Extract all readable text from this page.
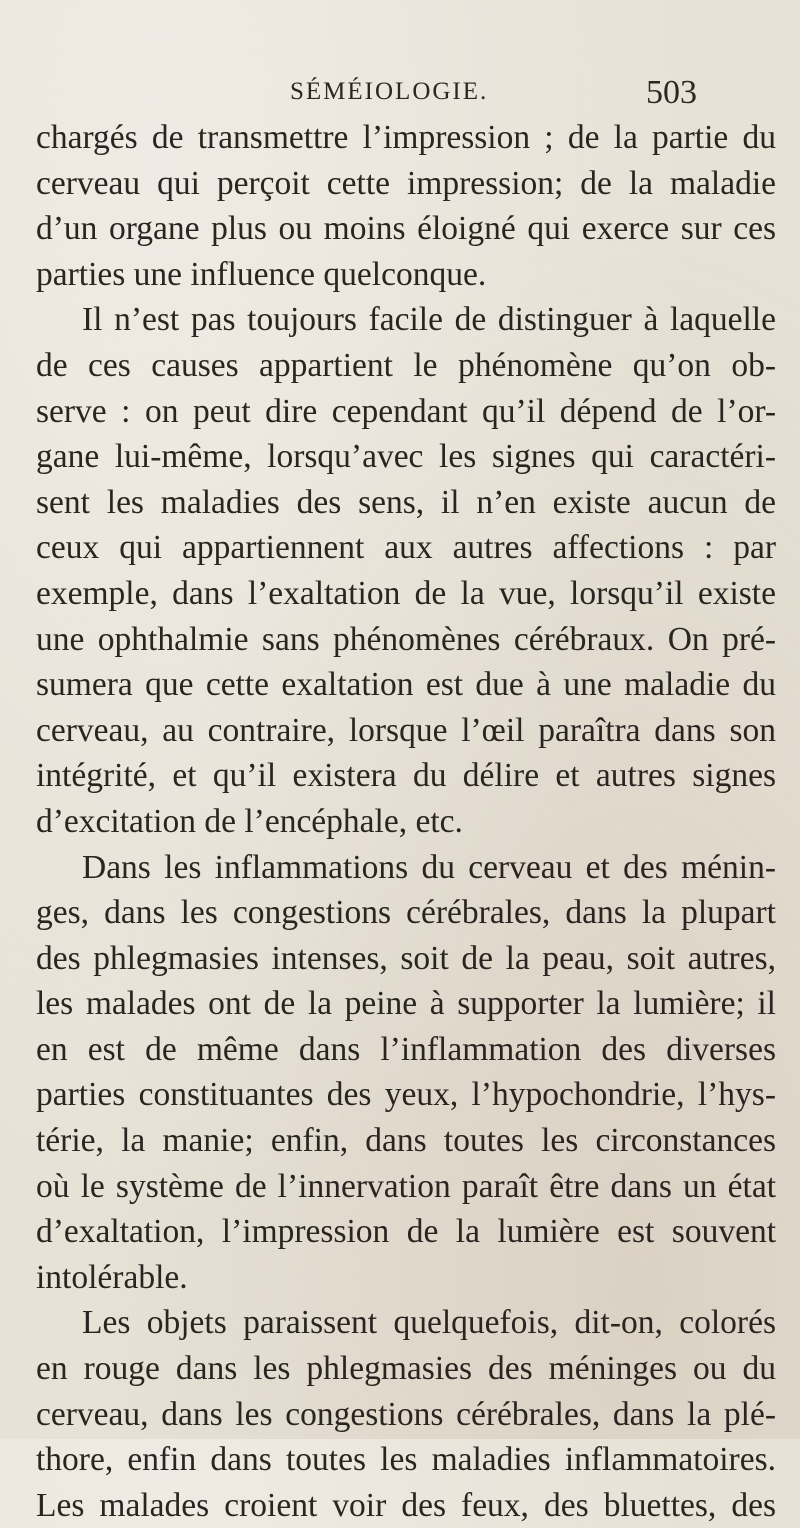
SÉMÉIOLOGIE.	503
chargés de transmettre l’impression ; de la partie du
cerveau qui perçoit cette impression; de la maladie
d’un organe plus ou moins éloigné qui exerce sur ces
parties une influence quelconque.
Il n’est pas toujours facile de distinguer à laquelle
de ces causes appartient le phénomène qu’on ob-
serve : on peut dire cependant qu’il dépend de l’or-
gane lui-même, lorsqu’avec les signes qui caractéri-
sent les maladies des sens, il n’en existe aucun de
ceux qui appartiennent aux autres affections : par
exemple, dans l’exaltation de la vue, lorsqu’il existe
une ophthalmie sans phénomènes cérébraux. On pré-
sumera que cette exaltation est due à une maladie du
cerveau, au contraire, lorsque l’œil paraîtra dans son
intégrité, et qu’il existera du délire et autres signes
d’excitation de l’encéphale, etc.
Dans les inflammations du cerveau et des ménin-
ges, dans les congestions cérébrales, dans la plupart
des phlegmasies intenses, soit de la peau, soit autres,
les malades ont de la peine à supporter la lumière; il
en est de même dans l’inflammation des diverses
parties constituantes des yeux, l’hypochondrie, l’hys-
térie, la manie; enfin, dans toutes les circonstances
où le système de l’innervation paraît être dans un état
d’exaltation, l’impression de la lumière est souvent
intolérable.
Les objets paraissent quelquefois, dit-on, colorés
en rouge dans les phlegmasies des méninges ou du
cerveau, dans les congestions cérébrales, dans la plé-
thore, enfin dans toutes les maladies inflammatoires.
Les malades croient voir des feux, des bluettes, des
